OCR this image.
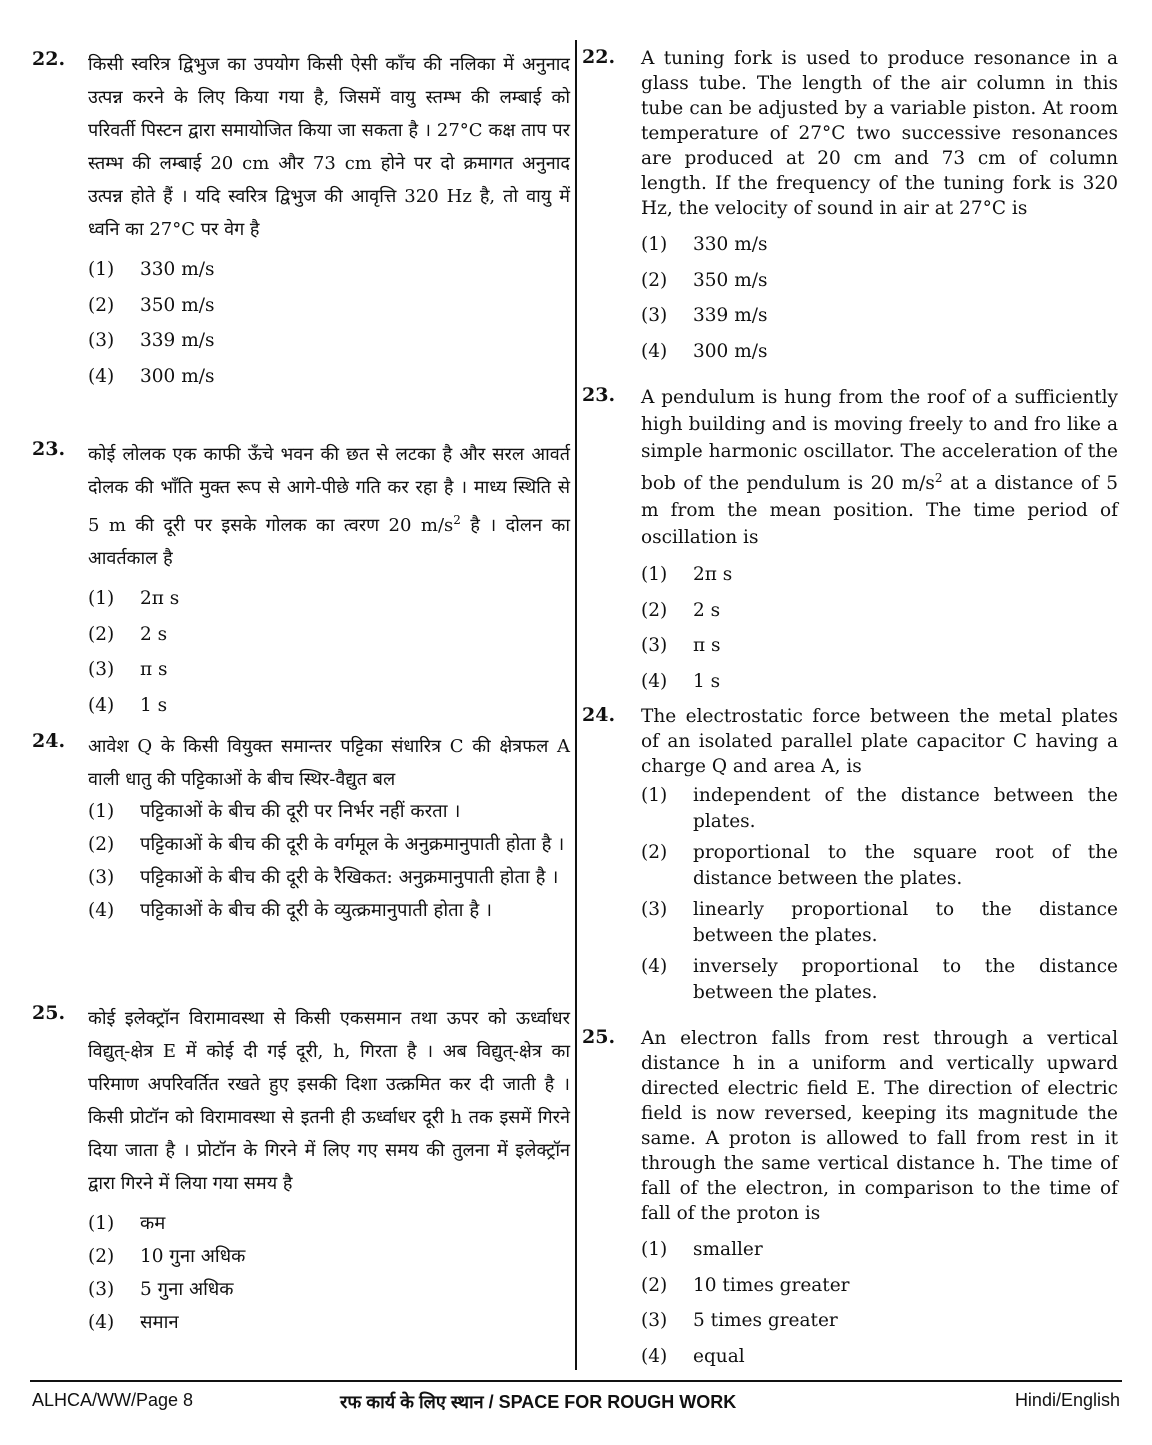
22. किसी स्वरित्र द्विभुज का उपयोग किसी ऐसी काँच की नलिका में अनुनाद उत्पन्न करने के लिए किया गया है, जिसमें वायु स्तम्भ की लम्बाई को परिवर्ती पिस्टन द्वारा समायोजित किया जा सकता है । 27°C कक्ष ताप पर स्तम्भ की लम्बाई 20 cm और 73 cm होने पर दो क्रमागत अनुनाद उत्पन्न होते हैं । यदि स्वरित्र द्विभुज की आवृत्ति 320 Hz है, तो वायु में ध्वनि का 27°C पर वेग है
(1) 330 m/s
(2) 350 m/s
(3) 339 m/s
(4) 300 m/s
23. कोई लोलक एक काफी ऊँचे भवन की छत से लटका है और सरल आवर्त दोलक की भाँति मुक्त रूप से आगे-पीछे गति कर रहा है । माध्य स्थिति से 5 m की दूरी पर इसके गोलक का त्वरण 20 $m/s^2$ है । दोलन का आवर्तकाल है
(1) 2π s
(2) 2 s
(3) π s
(4) 1 s
24. आवेश Q के किसी वियुक्त समान्तर पट्टिका संधारित्र C की क्षेत्रफल A वाली धातु की पट्टिकाओं के बीच स्थिर-वैद्युत बल
(1) पट्टिकाओं के बीच की दूरी पर निर्भर नहीं करता ।
(2) पट्टिकाओं के बीच की दूरी के वर्गमूल के अनुक्रमानुपाती होता है ।
(3) पट्टिकाओं के बीच की दूरी के रैखिकत: अनुक्रमानुपाती होता है ।
(4) पट्टिकाओं के बीच की दूरी के व्युत्क्रमानुपाती होता है ।
25. कोई इलेक्ट्रॉन विरामावस्था से किसी एकसमान तथा ऊपर को ऊर्ध्वाधर विद्युत्-क्षेत्र E में कोई दी गई दूरी, h, गिरता है । अब विद्युत्-क्षेत्र का परिमाण अपरिवर्तित रखते हुए इसकी दिशा उत्क्रमित कर दी जाती है । किसी प्रोटॉन को विरामावस्था से इतनी ही ऊर्ध्वाधर दूरी h तक इसमें गिरने दिया जाता है । प्रोटॉन के गिरने में लिए गए समय की तुलना में इलेक्ट्रॉन द्वारा गिरने में लिया गया समय है
(1) कम
(2) 10 गुना अधिक
(3) 5 गुना अधिक
(4) समान
22. A tuning fork is used to produce resonance in a glass tube. The length of the air column in this tube can be adjusted by a variable piston. At room temperature of 27°C two successive resonances are produced at 20 cm and 73 cm of column length. If the frequency of the tuning fork is 320 Hz, the velocity of sound in air at 27°C is
(1) 330 m/s
(2) 350 m/s
(3) 339 m/s
(4) 300 m/s
23. A pendulum is hung from the roof of a sufficiently high building and is moving freely to and fro like a simple harmonic oscillator. The acceleration of the bob of the pendulum is 20 $m/s^2$ at a distance of 5 m from the mean position. The time period of oscillation is
(1) 2π s
(2) 2 s
(3) π s
(4) 1 s
24. The electrostatic force between the metal plates of an isolated parallel plate capacitor C having a charge Q and area A, is
(1) independent of the distance between the plates.
(2) proportional to the square root of the distance between the plates.
(3) linearly proportional to the distance between the plates.
(4) inversely proportional to the distance between the plates.
25. An electron falls from rest through a vertical distance h in a uniform and vertically upward directed electric field E. The direction of electric field is now reversed, keeping its magnitude the same. A proton is allowed to fall from rest in it through the same vertical distance h. The time of fall of the electron, in comparison to the time of fall of the proton is
(1) smaller
(2) 10 times greater
(3) 5 times greater
(4) equal
ALHCA/WW/Page 8	रफ कार्य के लिए स्थान / SPACE FOR ROUGH WORK	Hindi/English
